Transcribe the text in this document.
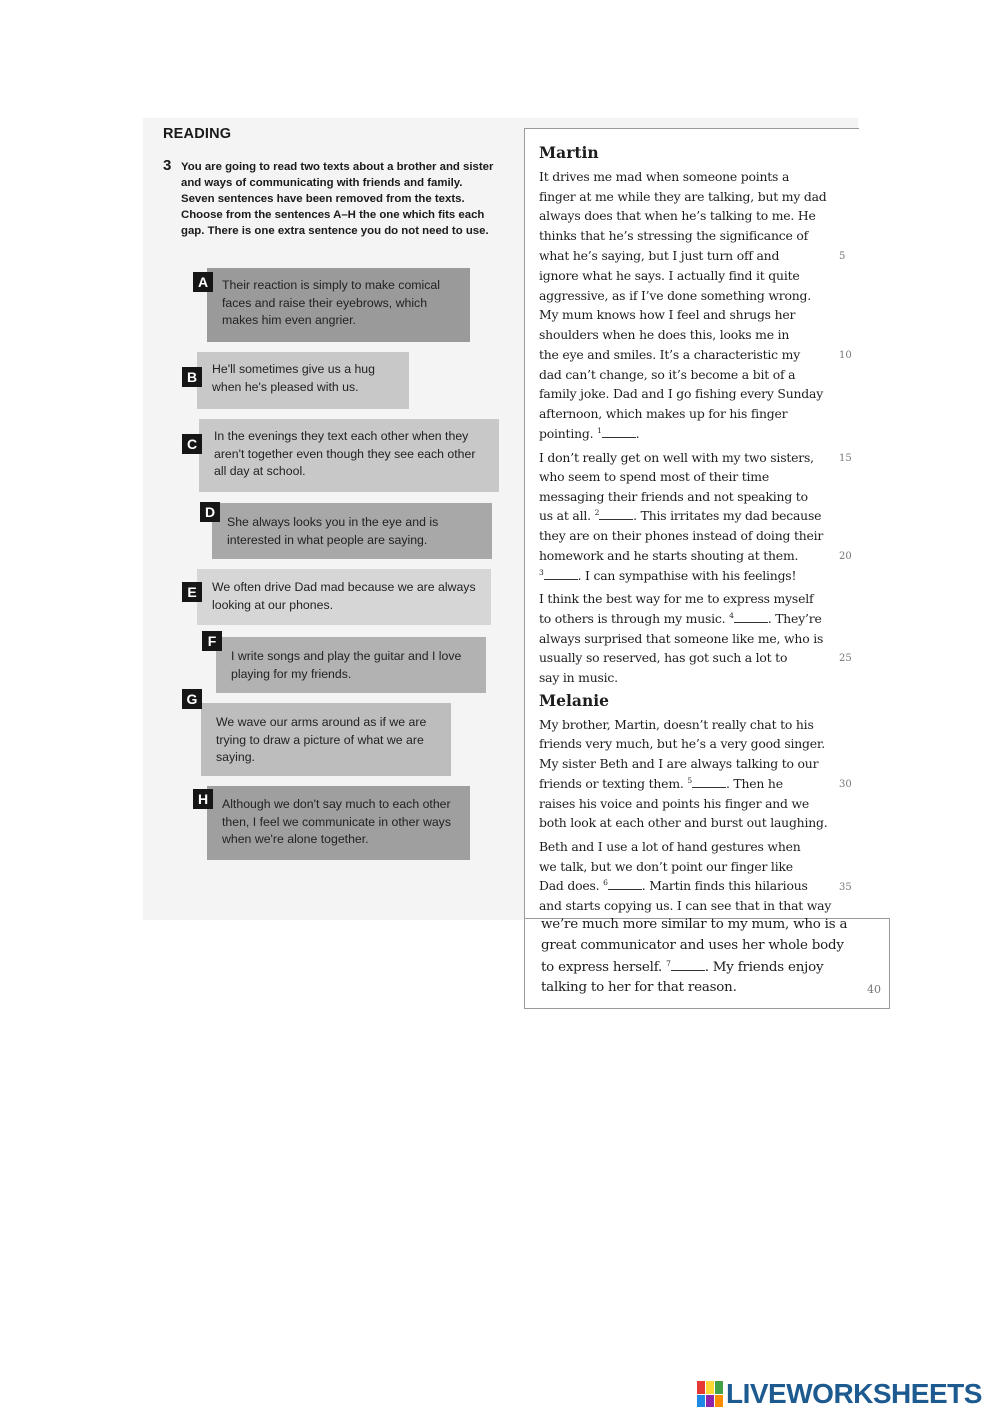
READING
3 You are going to read two texts about a brother and sister and ways of communicating with friends and family. Seven sentences have been removed from the texts. Choose from the sentences A–H the one which fits each gap. There is one extra sentence you do not need to use.
Their reaction is simply to make comical faces and raise their eyebrows, which makes him even angrier.
A
He'll sometimes give us a hug when he's pleased with us.
B
In the evenings they text each other when they aren't together even though they see each other all day at school.
C
She always looks you in the eye and is interested in what people are saying.
D
We often drive Dad mad because we are always looking at our phones.
E
I write songs and play the guitar and I love playing for my friends.
F
We wave our arms around as if we are trying to draw a picture of what we are saying.
G
Although we don't say much to each other then, I feel we communicate in other ways when we're alone together.
H
Martin
It drives me mad when someone points a
finger at me while they are talking, but my dad
always does that when he’s talking to me. He
thinks that he’s stressing the significance of
what he’s saying, but I just turn off and	5
ignore what he says. I actually find it quite
aggressive, as if I’ve done something wrong.
My mum knows how I feel and shrugs her
shoulders when he does this, looks me in
the eye and smiles. It’s a characteristic my	10
dad can’t change, so it’s become a bit of a
family joke. Dad and I go fishing every Sunday
afternoon, which makes up for his finger
pointing. $^1$	.
I don’t really get on well with my two sisters,	15
who seem to spend most of their time
messaging their friends and not speaking to
us at all. $^2$	. This irritates my dad because
they are on their phones instead of doing their
homework and he starts shouting at them.	20
$^3$	. I can sympathise with his feelings!
I think the best way for me to express myself
to others is through my music. $^4$	. They’re
always surprised that someone like me, who is
usually so reserved, has got such a lot to	25
say in music.
Melanie
My brother, Martin, doesn’t really chat to his
friends very much, but he’s a very good singer.
My sister Beth and I are always talking to our
friends or texting them. $^5$	. Then he	30
raises his voice and points his finger and we
both look at each other and burst out laughing.
Beth and I use a lot of hand gestures when
we talk, but we don’t point our finger like
Dad does. $^6$	. Martin finds this hilarious	35
and starts copying us. I can see that in that way
we’re much more similar to my mum, who is a
great communicator and uses her whole body
to express herself. $^7$	. My friends enjoy
talking to her for that reason.	40
LIVEWORKSHEETS
